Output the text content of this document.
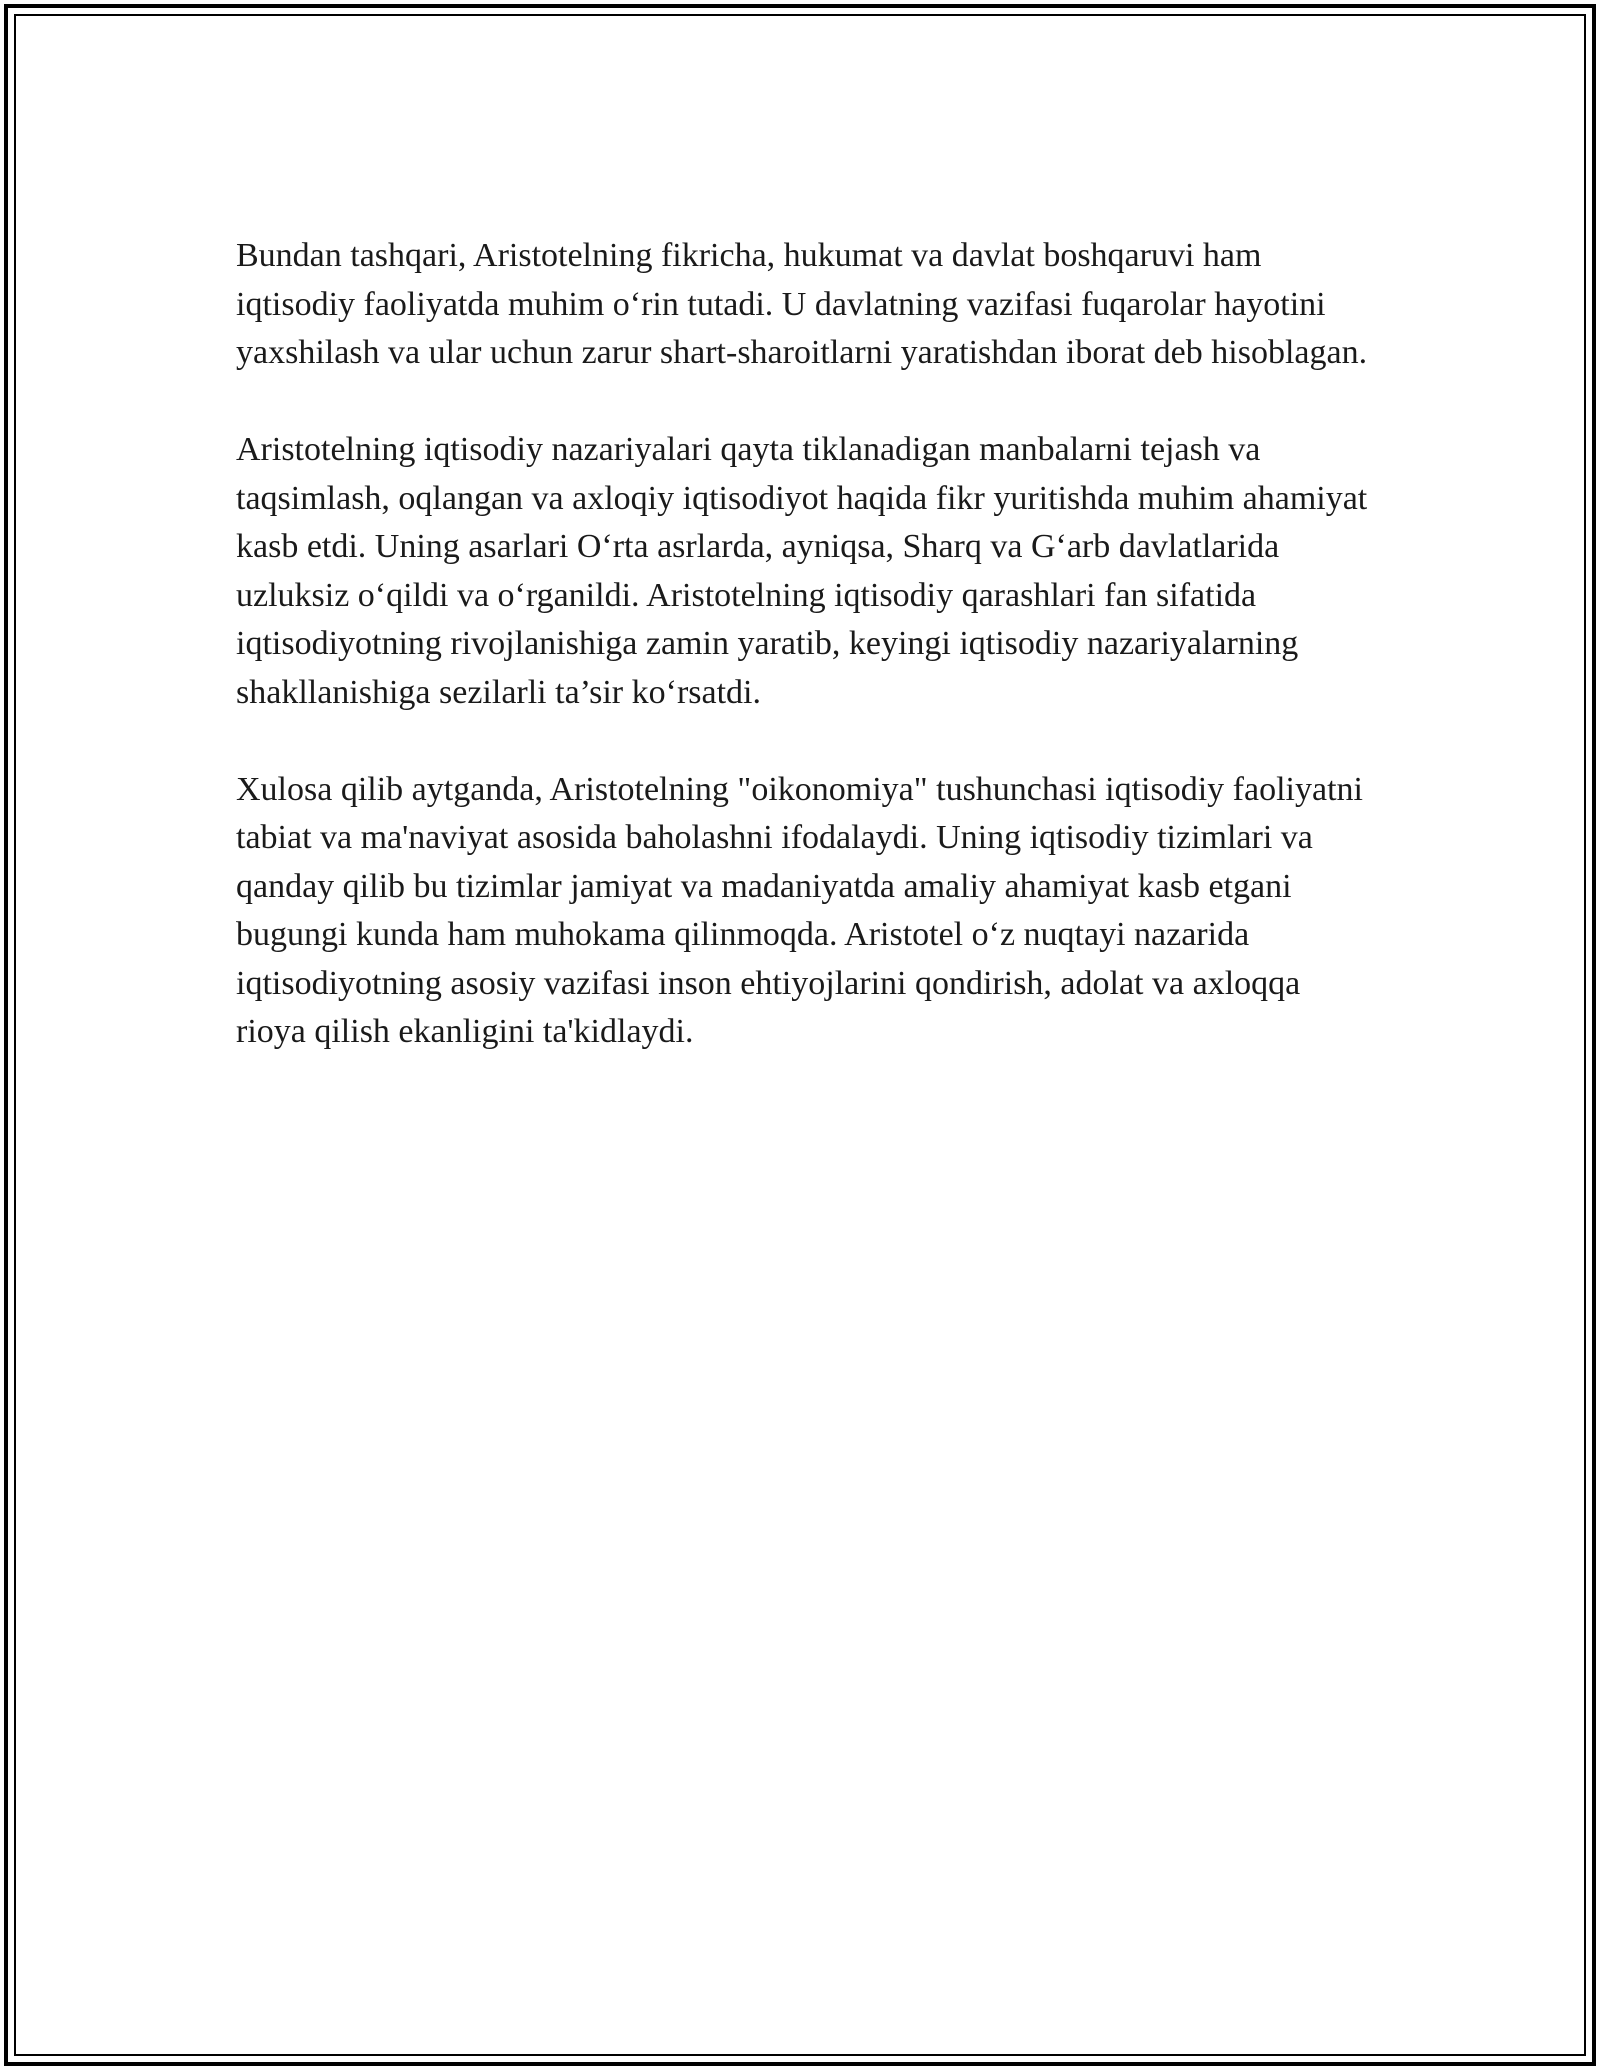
Bundan tashqari, Aristotelning fikricha, hukumat va davlat boshqaruvi ham iqtisodiy faoliyatda muhim o‘rin tutadi. U davlatning vazifasi fuqarolar hayotini yaxshilash va ular uchun zarur shart-sharoitlarni yaratishdan iborat deb hisoblagan.

Aristotelning iqtisodiy nazariyalari qayta tiklanadigan manbalarni tejash va taqsimlash, oqlangan va axloqiy iqtisodiyot haqida fikr yuritishda muhim ahamiyat kasb etdi. Uning asarlari O‘rta asrlarda, ayniqsa, Sharq va G‘arb davlatlarida uzluksiz o‘qildi va o‘rganildi. Aristotelning iqtisodiy qarashlari fan sifatida iqtisodiyotning rivojlanishiga zamin yaratib, keyingi iqtisodiy nazariyalarning shakllanishiga sezilarli ta’sir ko‘rsatdi.

Xulosa qilib aytganda, Aristotelning "oikonomiya" tushunchasi iqtisodiy faoliyatni tabiat va ma'naviyat asosida baholashni ifodalaydi. Uning iqtisodiy tizimlari va qanday qilib bu tizimlar jamiyat va madaniyatda amaliy ahamiyat kasb etgani bugungi kunda ham muhokama qilinmoqda. Aristotel o‘z nuqtayi nazarida iqtisodiyotning asosiy vazifasi inson ehtiyojlarini qondirish, adolat va axloqqa rioya qilish ekanligini ta'kidlaydi.
